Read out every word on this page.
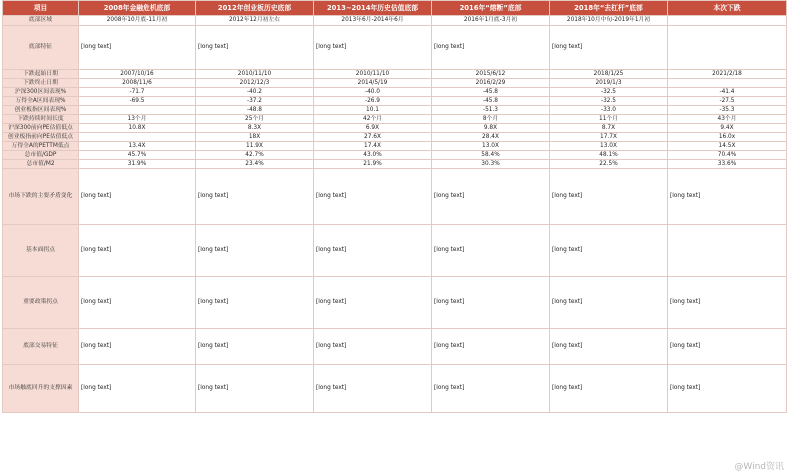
项目	2008年金融危机底部	2012年创业板历史底部	2013~2014年历史估值底部	2016年“熔断”底部	2018年“去杠杆”底部	本次下跌
底部区域	2008年10月底-11月初	2012年12月初左右	2013年6月-2014年6月	2016年1月底-3月初	2018年10月中旬-2019年1月初	
底部特征	[long text]	[long text]	[long text]	[long text]	[long text]	
下跌起始日期	2007/10/16	2010/11/10	2010/11/10	2015/6/12	2018/1/25	2021/2/18
下跌终止日期	2008/11/6	2012/12/3	2014/5/19	2016/2/29	2019/1/3	
沪深300区间表现%	-71.7	-40.2	-40.0	-45.8	-32.5	-41.4
万得全A区间表现%	-69.5	-37.2	-26.9	-45.8	-32.5	-27.5
创业板指区间表现%		-48.8	10.1	-51.3	-33.0	-35.3
下跌持续时间长度	13个月	25个月	42个月	8个月	11个月	43个月
沪深300前向PE估值低点	10.8X	8.3X	6.9X	9.8X	8.7X	9.4X
创业板指前向PE估值低点		18X	27.6X	28.4X	17.7X	16.0x
万得全A的PETTM低点	13.4X	11.9X	17.4X	13.0X	13.0X	14.5X
总市值/GDP	45.7%	42.7%	43.0%	58.4%	48.1%	70.4%
总市值/M2	31.9%	23.4%	21.9%	30.3%	22.5%	33.6%
市场下跌的主要矛盾变化	[long text]	[long text]	[long text]	[long text]	[long text]	[long text]
基本面拐点	[long text]	[long text]	[long text]	[long text]	[long text]	
重要政策拐点	[long text]	[long text]	[long text]	[long text]	[long text]	[long text]
底部交易特征	[long text]	[long text]	[long text]	[long text]	[long text]	[long text]
市场触底回升的支撑因素	[long text]	[long text]	[long text]	[long text]	[long text]	[long text]
@Wind资讯
